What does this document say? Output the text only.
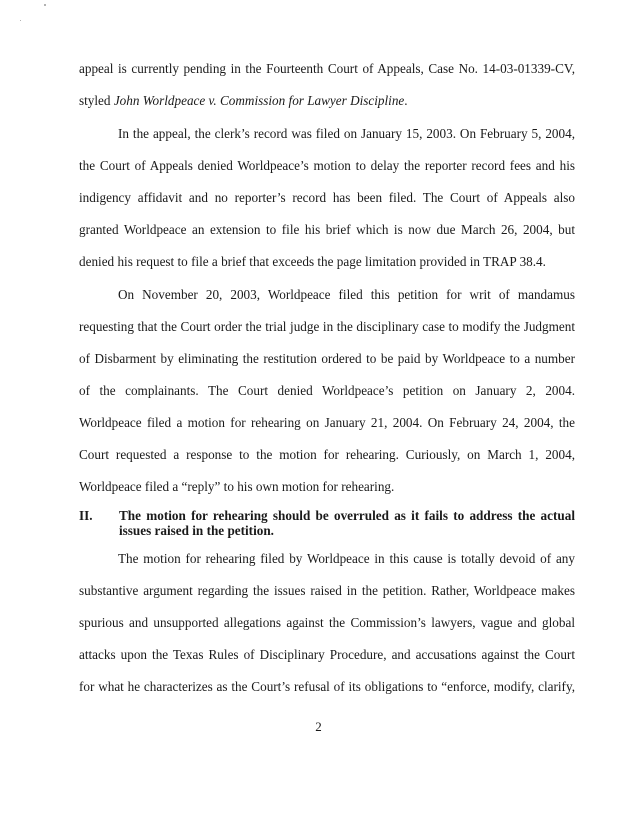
appeal is currently pending in the Fourteenth Court of Appeals, Case No. 14-03-01339-CV,
styled John Worldpeace v. Commission for Lawyer Discipline.
In the appeal, the clerk’s record was filed on January 15, 2003. On February 5, 2004,
the Court of Appeals denied Worldpeace’s motion to delay the reporter record fees and his
indigency affidavit and no reporter’s record has been filed. The Court of Appeals also
granted Worldpeace an extension to file his brief which is now due March 26, 2004, but
denied his request to file a brief that exceeds the page limitation provided in TRAP 38.4.
On November 20, 2003, Worldpeace filed this petition for writ of mandamus
requesting that the Court order the trial judge in the disciplinary case to modify the Judgment
of Disbarment by eliminating the restitution ordered to be paid by Worldpeace to a number
of the complainants. The Court denied Worldpeace’s petition on January 2, 2004.
Worldpeace filed a motion for rehearing on January 21, 2004. On February 24, 2004, the
Court requested a response to the motion for rehearing. Curiously, on March 1, 2004,
Worldpeace filed a “reply” to his own motion for rehearing.
II. The motion for rehearing should be overruled as it fails to address the actual
issues raised in the petition.
The motion for rehearing filed by Worldpeace in this cause is totally devoid of any
substantive argument regarding the issues raised in the petition. Rather, Worldpeace makes
spurious and unsupported allegations against the Commission’s lawyers, vague and global
attacks upon the Texas Rules of Disciplinary Procedure, and accusations against the Court
for what he characterizes as the Court’s refusal of its obligations to “enforce, modify, clarify,
2
